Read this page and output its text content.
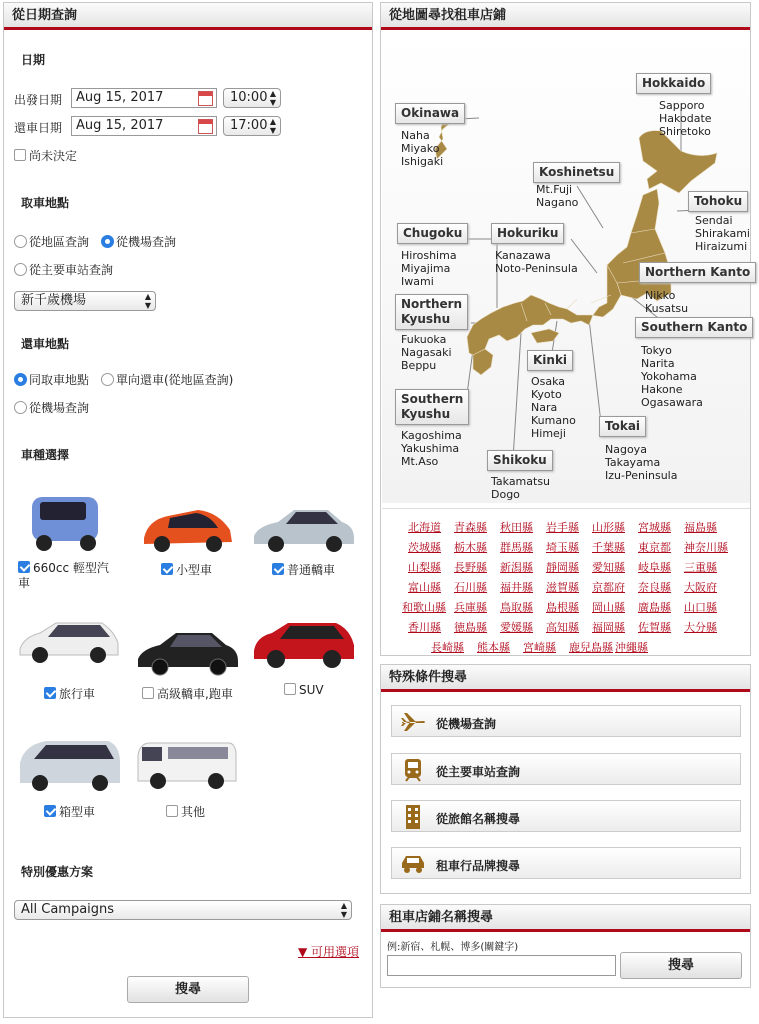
從日期查詢
日期
出發日期	Aug 15, 2017	10:00 ▲
▼
還車日期	Aug 15, 2017	17:00 ▲
▼
尚未決定
取車地點
從地區查詢	從機場查詢
從主要車站查詢
新千歲機場	▲
▼
還車地點
同取車地點	單向還車(從地區查詢)
從機場查詢
車種選擇
660cc 輕型汽車
小型車	普通轎車
旅行車	高級轎車,跑車	SUV
箱型車	其他
特別優惠方案
All Campaigns	▲
▼
▼ 可用選項
搜尋
從地圖尋找租車店鋪
Hokkaido
Sapporo
Hakodate
Shiretoko
Okinawa
Naha
Miyako
Ishigaki
Koshinetsu
Mt.Fuji
Nagano	Tohoku
Sendai
Shirakami
Hiraizumi
Chugoku
Hiroshima
Miyajima
Iwami
Hokuriku
Kanazawa
Noto-Peninsula	Northern Kanto
Nikko
Kusatsu
Northern
Kyushu
Fukuoka
Nagasaki
Beppu
Southern Kanto
Tokyo
Narita
Yokohama
Hakone
Ogasawara
Kinki
Osaka
Kyoto
Nara
Kumano
Himeji
Southern
Kyushu
Kagoshima
Yakushima
Mt.Aso
Tokai
Nagoya
Takayama
Izu-Peninsula
Shikoku
Takamatsu
Dogo
北海道 青森縣 秋田縣 岩手縣 山形縣 宮城縣 福島縣
茨城縣 栃木縣 群馬縣 埼玉縣 千葉縣 東京都 神奈川縣
山梨縣 長野縣 新潟縣 靜岡縣 愛知縣 岐阜縣 三重縣
富山縣 石川縣 福井縣 滋賀縣 京都府 奈良縣 大阪府
和歌山縣 兵庫縣 鳥取縣 島根縣 岡山縣 廣島縣 山口縣
香川縣 徳島縣 愛媛縣 高知縣 福岡縣 佐賀縣 大分縣
長崎縣 熊本縣 宮崎縣 鹿兒島縣 沖繩縣
特殊條件搜尋
從機場查詢
從主要車站查詢
從旅館名稱搜尋
租車行品牌搜尋
租車店鋪名稱搜尋
例:新宿、札幌、博多(關鍵字)
搜尋
